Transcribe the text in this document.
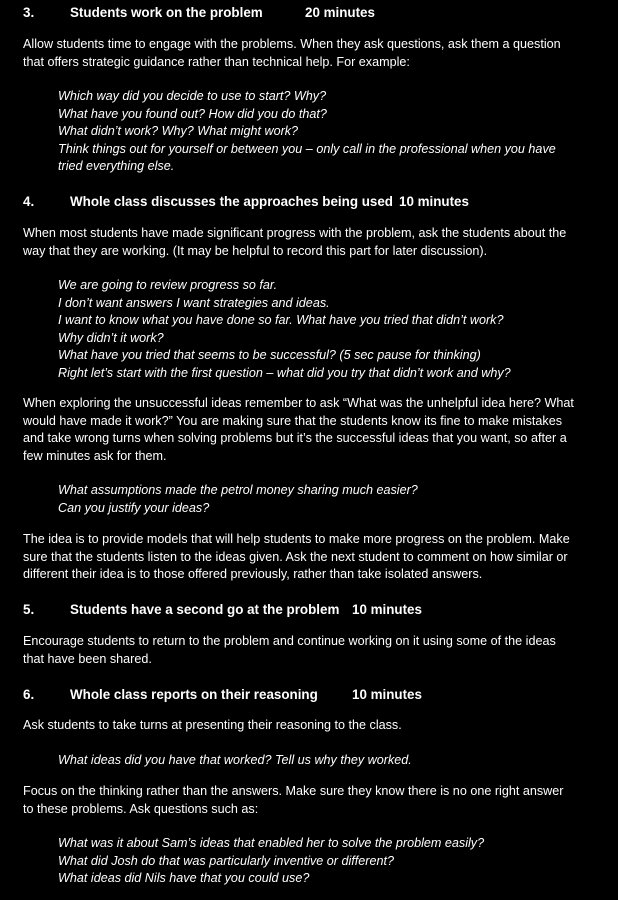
3.	Students work on the problem	20 minutes
Allow students time to engage with the problems. When they ask questions, ask them a question
that offers strategic guidance rather than technical help. For example:
Which way did you decide to use to start? Why?
What have you found out? How did you do that?
What didn’t work? Why? What might work?
Think things out for yourself or between you – only call in the professional when you have
tried everything else.
4.	Whole class discusses the approaches being used 10 minutes
When most students have made significant progress with the problem, ask the students about the
way that they are working. (It may be helpful to record this part for later discussion).
We are going to review progress so far.
I don’t want answers I want strategies and ideas.
I want to know what you have done so far. What have you tried that didn’t work?
Why didn’t it work?
What have you tried that seems to be successful? (5 sec pause for thinking)
Right let’s start with the first question – what did you try that didn’t work and why?
When exploring the unsuccessful ideas remember to ask “What was the unhelpful idea here? What
would have made it work?” You are making sure that the students know its fine to make mistakes
and take wrong turns when solving problems but it’s the successful ideas that you want, so after a
few minutes ask for them.
What assumptions made the petrol money sharing much easier?
Can you justify your ideas?
The idea is to provide models that will help students to make more progress on the problem. Make
sure that the students listen to the ideas given. Ask the next student to comment on how similar or
different their idea is to those offered previously, rather than take isolated answers.
5.	Students have a second go at the problem 10 minutes
Encourage students to return to the problem and continue working on it using some of the ideas
that have been shared.
6.	Whole class reports on their reasoning	10 minutes
Ask students to take turns at presenting their reasoning to the class.
What ideas did you have that worked? Tell us why they worked.
Focus on the thinking rather than the answers. Make sure they know there is no one right answer
to these problems. Ask questions such as:
What was it about Sam’s ideas that enabled her to solve the problem easily?
What did Josh do that was particularly inventive or different?
What ideas did Nils have that you could use?
